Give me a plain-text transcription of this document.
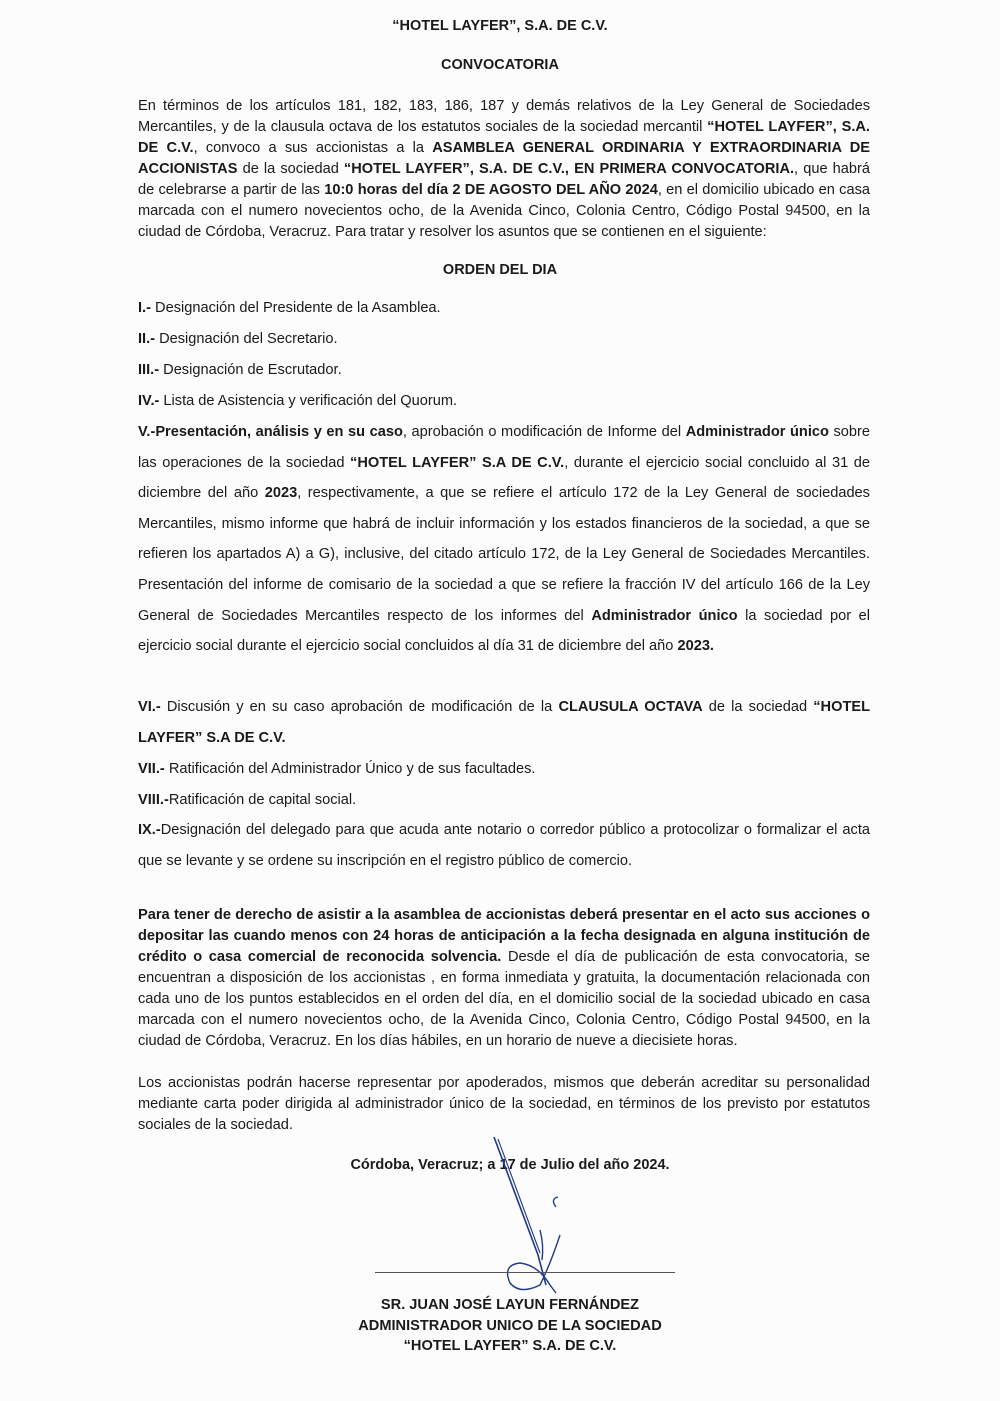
“HOTEL LAYFER”, S.A. DE C.V.
CONVOCATORIA
En términos de los artículos 181, 182, 183, 186, 187 y demás relativos de la Ley General de Sociedades Mercantiles, y de la clausula octava de los estatutos sociales de la sociedad mercantil “HOTEL LAYFER”, S.A. DE C.V., convoco a sus accionistas a la ASAMBLEA GENERAL ORDINARIA Y EXTRAORDINARIA DE ACCIONISTAS de la sociedad “HOTEL LAYFER”, S.A. DE C.V., EN PRIMERA CONVOCATORIA., que habrá de celebrarse a partir de las 10:0 horas del día 2 DE AGOSTO DEL AÑO 2024, en el domicilio ubicado en casa marcada con el numero novecientos ocho, de la Avenida Cinco, Colonia Centro, Código Postal 94500, en la ciudad de Córdoba, Veracruz. Para tratar y resolver los asuntos que se contienen en el siguiente:
ORDEN DEL DIA
I.- Designación del Presidente de la Asamblea.
II.- Designación del Secretario.
III.- Designación de Escrutador.
IV.- Lista de Asistencia y verificación del Quorum.
V.-Presentación, análisis y en su caso, aprobación o modificación de Informe del Administrador único sobre las operaciones de la sociedad “HOTEL LAYFER” S.A DE C.V., durante el ejercicio social concluido al 31 de diciembre del año 2023, respectivamente, a que se refiere el artículo 172 de la Ley General de sociedades Mercantiles, mismo informe que habrá de incluir información y los estados financieros de la sociedad, a que se refieren los apartados A) a G), inclusive, del citado artículo 172, de la Ley General de Sociedades Mercantiles. Presentación del informe de comisario de la sociedad a que se refiere la fracción IV del artículo 166 de la Ley General de Sociedades Mercantiles respecto de los informes del Administrador único la sociedad por el ejercicio social durante el ejercicio social concluidos al día 31 de diciembre del año 2023.
VI.- Discusión y en su caso aprobación de modificación de la CLAUSULA OCTAVA de la sociedad “HOTEL LAYFER” S.A DE C.V.
VII.- Ratificación del Administrador Único y de sus facultades.
VIII.-Ratificación de capital social.
IX.-Designación del delegado para que acuda ante notario o corredor público a protocolizar o formalizar el acta que se levante y se ordene su inscripción en el registro público de comercio.
Para tener de derecho de asistir a la asamblea de accionistas deberá presentar en el acto sus acciones o depositar las cuando menos con 24 horas de anticipación a la fecha designada en alguna institución de crédito o casa comercial de reconocida solvencia. Desde el día de publicación de esta convocatoria, se encuentran a disposición de los accionistas , en forma inmediata y gratuita, la documentación relacionada con cada uno de los puntos establecidos en el orden del día, en el domicilio social de la sociedad ubicado en casa marcada con el numero novecientos ocho, de la Avenida Cinco, Colonia Centro, Código Postal 94500, en la ciudad de Córdoba, Veracruz. En los días hábiles, en un horario de nueve a diecisiete horas.
Los accionistas podrán hacerse representar por apoderados, mismos que deberán acreditar su personalidad mediante carta poder dirigida al administrador único de la sociedad, en términos de los previsto por estatutos sociales de la sociedad.
Córdoba, Veracruz; a 17 de Julio del año 2024.
SR. JUAN JOSÉ LAYUN FERNÁNDEZ
ADMINISTRADOR UNICO DE LA SOCIEDAD
“HOTEL LAYFER” S.A. DE C.V.
